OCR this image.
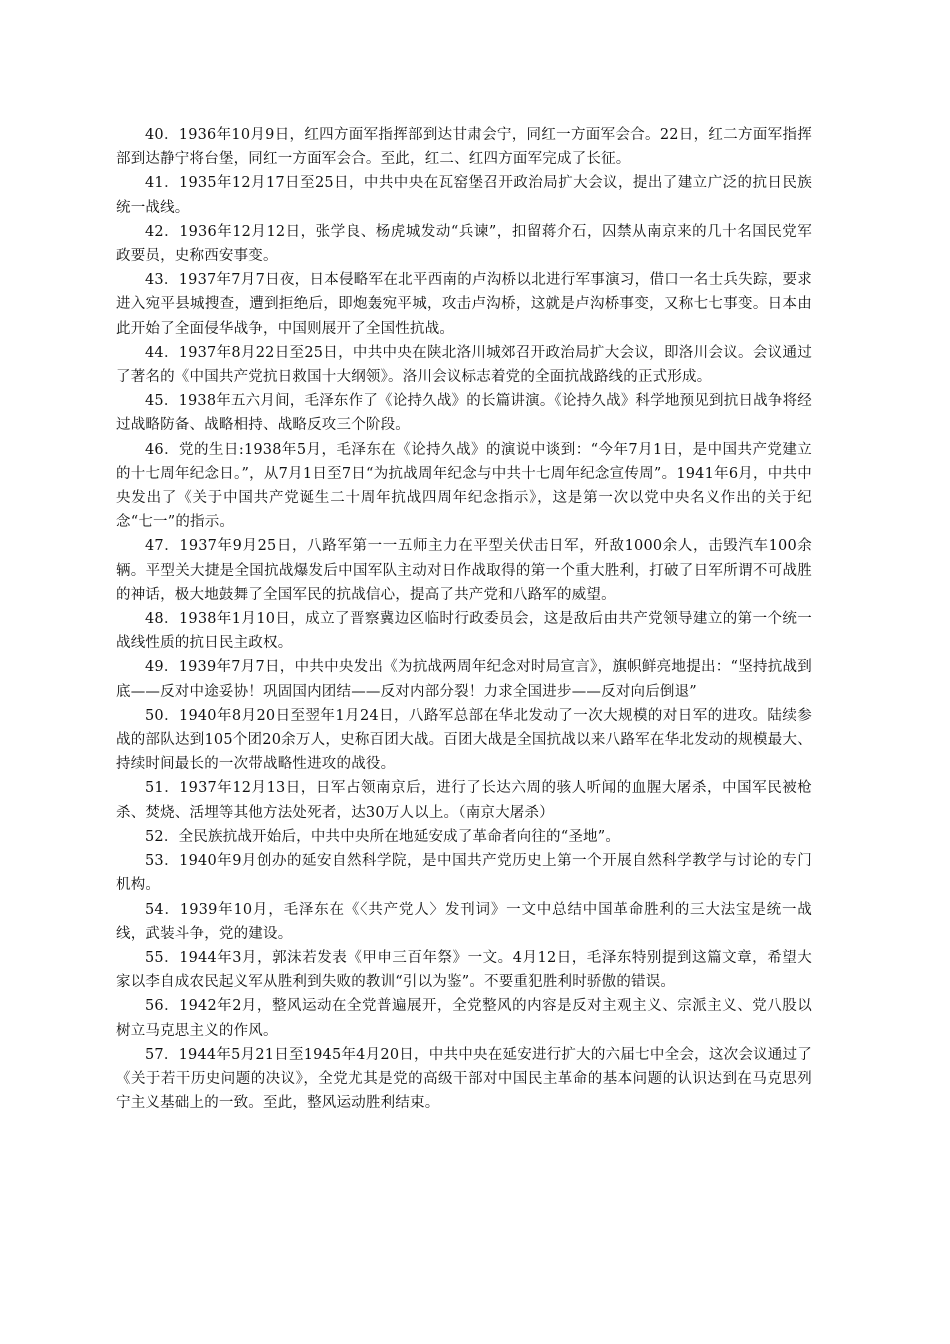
40．1936年10月9日，红四方面军指挥部到达甘肃会宁，同红一方面军会合。22日，红二方面军指挥部到达静宁将台堡，同红一方面军会合。至此，红二、红四方面军完成了长征。

41．1935年12月17日至25日，中共中央在瓦窑堡召开政治局扩大会议，提出了建立广泛的抗日民族统一战线。

42．1936年12月12日，张学良、杨虎城发动“兵谏”，扣留蒋介石，囚禁从南京来的几十名国民党军政要员，史称西安事变。

43．1937年7月7日夜，日本侵略军在北平西南的卢沟桥以北进行军事演习，借口一名士兵失踪，要求进入宛平县城搜查，遭到拒绝后，即炮轰宛平城，攻击卢沟桥，这就是卢沟桥事变，又称七七事变。日本由此开始了全面侵华战争，中国则展开了全国性抗战。

44．1937年8月22日至25日，中共中央在陕北洛川城郊召开政治局扩大会议，即洛川会议。会议通过了著名的《中国共产党抗日救国十大纲领》。洛川会议标志着党的全面抗战路线的正式形成。

45．1938年五六月间，毛泽东作了《论持久战》的长篇讲演。《论持久战》科学地预见到抗日战争将经过战略防备、战略相持、战略反攻三个阶段。

46．党的生日:1938年5月，毛泽东在《论持久战》的演说中谈到：“今年7月1日，是中国共产党建立的十七周年纪念日。”，从7月1日至7日“为抗战周年纪念与中共十七周年纪念宣传周”。1941年6月，中共中央发出了《关于中国共产党诞生二十周年抗战四周年纪念指示》，这是第一次以党中央名义作出的关于纪念“七一”的指示。

47．1937年9月25日，八路军第一一五师主力在平型关伏击日军，歼敌1000余人，击毁汽车100余辆。平型关大捷是全国抗战爆发后中国军队主动对日作战取得的第一个重大胜利，打破了日军所谓不可战胜的神话，极大地鼓舞了全国军民的抗战信心，提高了共产党和八路军的威望。

48．1938年1月10日，成立了晋察冀边区临时行政委员会，这是敌后由共产党领导建立的第一个统一战线性质的抗日民主政权。

49．1939年7月7日，中共中央发出《为抗战两周年纪念对时局宣言》，旗帜鲜亮地提出：“坚持抗战到底——反对中途妥协！巩固国内团结——反对内部分裂！力求全国进步——反对向后倒退”

50．1940年8月20日至翌年1月24日，八路军总部在华北发动了一次大规模的对日军的进攻。陆续参战的部队达到105个团20余万人，史称百团大战。百团大战是全国抗战以来八路军在华北发动的规模最大、持续时间最长的一次带战略性进攻的战役。

51．1937年12月13日，日军占领南京后，进行了长达六周的骇人听闻的血腥大屠杀，中国军民被枪杀、焚烧、活埋等其他方法处死者，达30万人以上。（南京大屠杀）

52．全民族抗战开始后，中共中央所在地延安成了革命者向往的“圣地”。

53．1940年9月创办的延安自然科学院，是中国共产党历史上第一个开展自然科学教学与讨论的专门机构。

54．1939年10月，毛泽东在《〈共产党人〉发刊词》一文中总结中国革命胜利的三大法宝是统一战线，武装斗争，党的建设。

55．1944年3月，郭沫若发表《甲申三百年祭》一文。4月12日，毛泽东特别提到这篇文章，希望大家以李自成农民起义军从胜利到失败的教训“引以为鉴”。不要重犯胜利时骄傲的错误。

56．1942年2月，整风运动在全党普遍展开，全党整风的内容是反对主观主义、宗派主义、党八股以树立马克思主义的作风。

57．1944年5月21日至1945年4月20日，中共中央在延安进行扩大的六届七中全会，这次会议通过了《关于若干历史问题的决议》，全党尤其是党的高级干部对中国民主革命的基本问题的认识达到在马克思列宁主义基础上的一致。至此，整风运动胜利结束。
